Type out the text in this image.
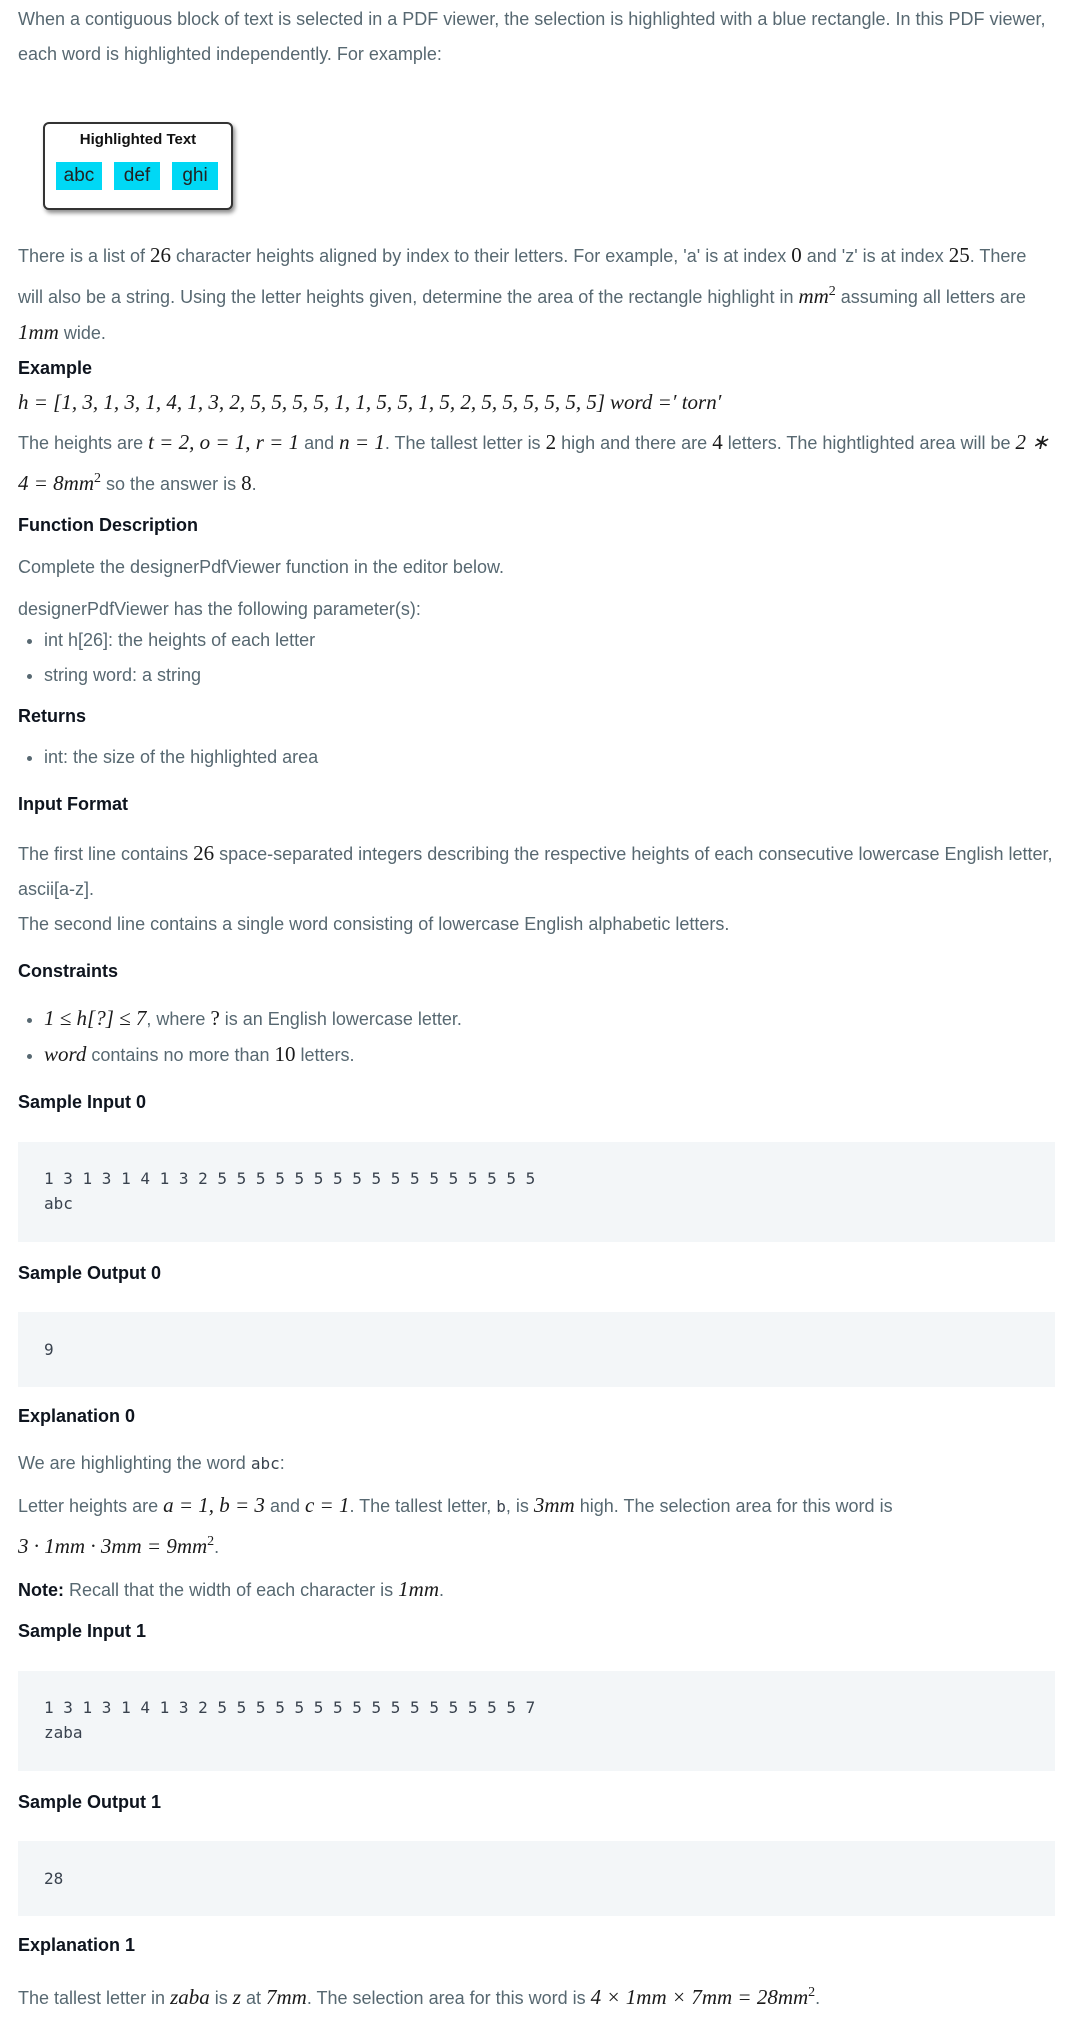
When a contiguous block of text is selected in a PDF viewer, the selection is highlighted with a blue rectangle. In this PDF viewer, each word is highlighted independently. For example:

Highlighted Text
abc	def	ghi

There is a list of 26 character heights aligned by index to their letters. For example, 'a' is at index 0 and 'z' is at index 25. There will also be a string. Using the letter heights given, determine the area of the rectangle highlight in $mm^2$ assuming all letters are 1mm wide.

Example

h = [1, 3, 1, 3, 1, 4, 1, 3, 2, 5, 5, 5, 5, 1, 1, 5, 5, 1, 5, 2, 5, 5, 5, 5, 5, 5] word =′ torn′

The heights are t = 2, o = 1, r = 1 and n = 1. The tallest letter is 2 high and there are 4 letters. The hightlighted area will be 2 ∗ $4 = 8mm^2$ so the answer is 8.

Function Description

Complete the designerPdfViewer function in the editor below.

designerPdfViewer has the following parameter(s):

• int h[26]: the heights of each letter
• string word: a string
Returns
• int: the size of the highlighted area
Input Format

The first line contains 26 space-separated integers describing the respective heights of each consecutive lowercase English letter, ascii[a-z].

The second line contains a single word consisting of lowercase English alphabetic letters.

Constraints
• 1 ≤ h[?] ≤ 7, where ? is an English lowercase letter.
• word contains no more than 10 letters.
Sample Input 0
1 3 1 3 1 4 1 3 2 5 5 5 5 5 5 5 5 5 5 5 5 5 5 5 5 5
abc
Sample Output 0
9
Explanation 0

We are highlighting the word abc:

Letter heights are a = 1, b = 3 and c = 1. The tallest letter, b, is 3mm high. The selection area for this word is
$3 \cdot 1mm \cdot 3mm = 9mm^2$.

Note: Recall that the width of each character is 1mm.

Sample Input 1
1 3 1 3 1 4 1 3 2 5 5 5 5 5 5 5 5 5 5 5 5 5 5 5 5 7
zaba
Sample Output 1
28
Explanation 1

The tallest letter in zaba is z at 7mm. The selection area for this word is $4 \times 1mm \times 7mm = 28mm^2$.
